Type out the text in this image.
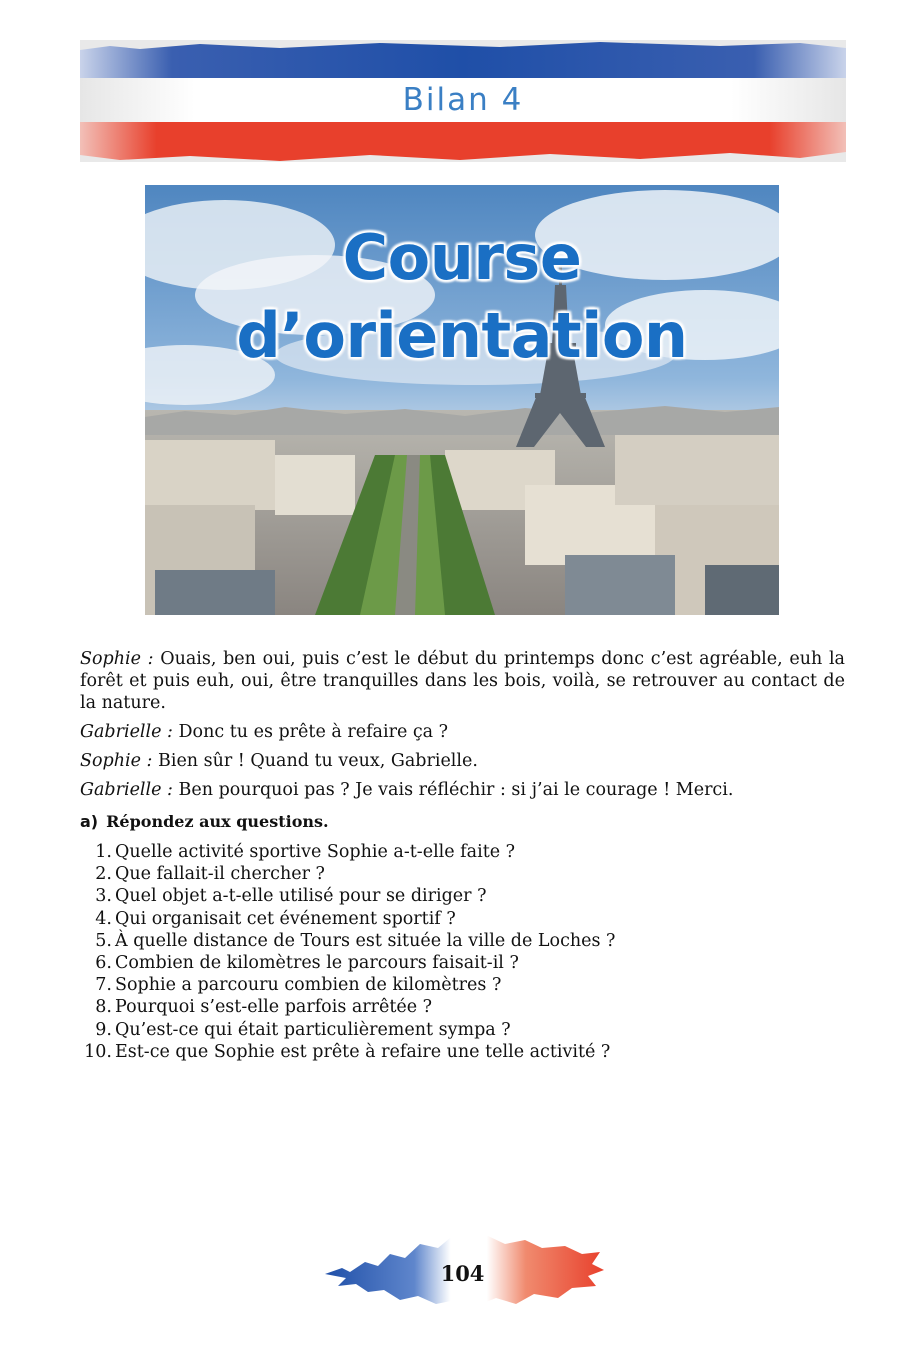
Bilan 4
Course
d’orientation

Sophie : Ouais, ben oui, puis c’est le début du printemps donc c’est agréable, euh la forêt et puis euh, oui, être tranquilles dans les bois, voilà, se retrouver au contact de la nature.

Gabrielle : Donc tu es prête à refaire ça ?

Sophie : Bien sûr ! Quand tu veux, Gabrielle.

Gabrielle : Ben pourquoi pas ? Je vais réfléchir : si j’ai le courage ! Merci.

a) Répondez aux questions.
1. Quelle activité sportive Sophie a-t-elle faite ?
2. Que fallait-il chercher ?
3. Quel objet a-t-elle utilisé pour se diriger ?
4. Qui organisait cet événement sportif ?
5. À quelle distance de Tours est située la ville de Loches ?
6. Combien de kilomètres le parcours faisait-il ?
7. Sophie a parcouru combien de kilomètres ?
8. Pourquoi s’est-elle parfois arrêtée ?
9. Qu’est-ce qui était particulièrement sympa ?
10. Est-ce que Sophie est prête à refaire une telle activité ?
104
